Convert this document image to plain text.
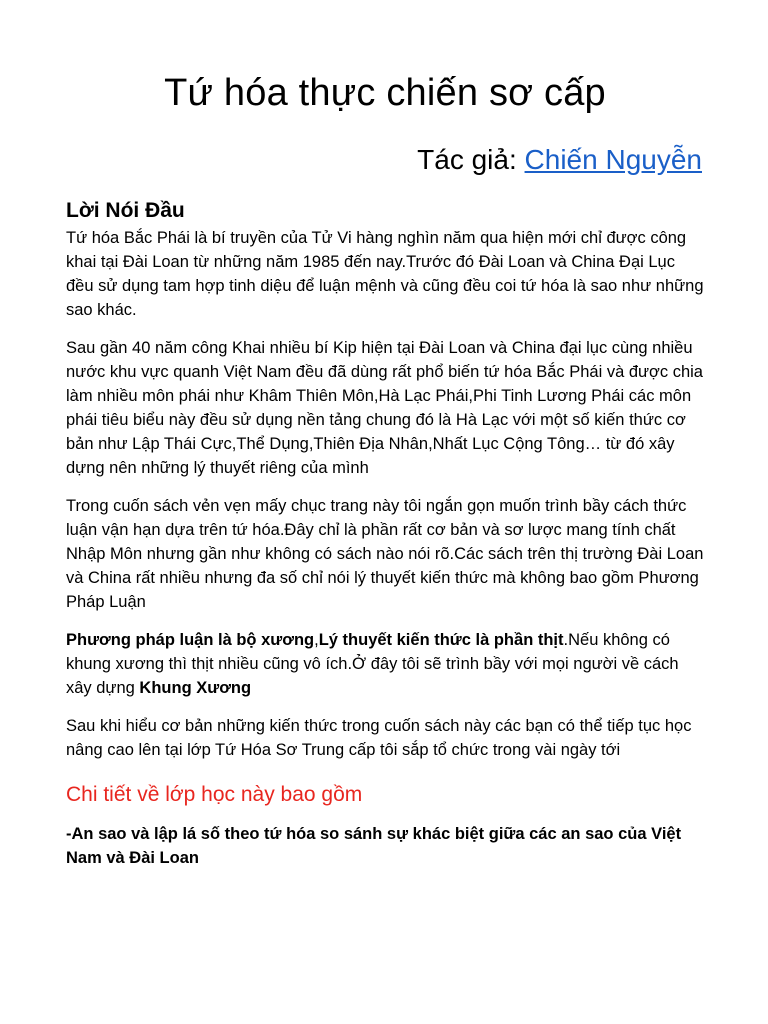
Tứ hóa thực chiến sơ cấp
Tác giả: Chiến Nguyễn
Lời Nói Đầu

Tứ hóa Bắc Phái là bí truyền của Tử Vi hàng nghìn năm qua hiện mới chỉ được công khai tại Đài Loan từ những năm 1985 đến nay.Trước đó Đài Loan và China Đại Lục đều sử dụng tam hợp tinh diệu để luận mệnh và cũng đều coi tứ hóa là sao như những sao khác.

Sau gần 40 năm công Khai nhiều bí Kip hiện tại Đài Loan và China đại lục cùng nhiều nước khu vực quanh Việt Nam đều đã dùng rất phổ biến tứ hóa Bắc Phái và được chia làm nhiều môn phái như Khâm Thiên Môn,Hà Lạc Phái,Phi Tinh Lương Phái các môn phái tiêu biểu này đều sử dụng nền tảng chung đó là Hà Lạc với một số kiến thức cơ bản như Lập Thái Cực,Thể Dụng,Thiên Địa Nhân,Nhất Lục Cộng Tông… từ đó xây dựng nên những lý thuyết riêng của mình

Trong cuốn sách vẻn vẹn mấy chục trang này tôi ngắn gọn muốn trình bầy cách thức luận vận hạn dựa trên tứ hóa.Đây chỉ là phần rất cơ bản và sơ lược mang tính chất Nhập Môn nhưng gần như không có sách nào nói rõ.Các sách trên thị trường Đài Loan và China rất nhiều nhưng đa số chỉ nói lý thuyết kiến thức mà không bao gồm Phương Pháp Luận

Phương pháp luận là bộ xương,Lý thuyết kiến thức là phần thịt.Nếu không có khung xương thì thịt nhiều cũng vô ích.Ở đây tôi sẽ trình bầy với mọi người về cách xây dựng Khung Xương

Sau khi hiểu cơ bản những kiến thức trong cuốn sách này các bạn có thể tiếp tục học nâng cao lên tại lớp Tứ Hóa Sơ Trung cấp tôi sắp tổ chức trong vài ngày tới

Chi tiết về lớp học này bao gồm

-An sao và lập lá số theo tứ hóa so sánh sự khác biệt giữa các an sao của Việt Nam và Đài Loan
